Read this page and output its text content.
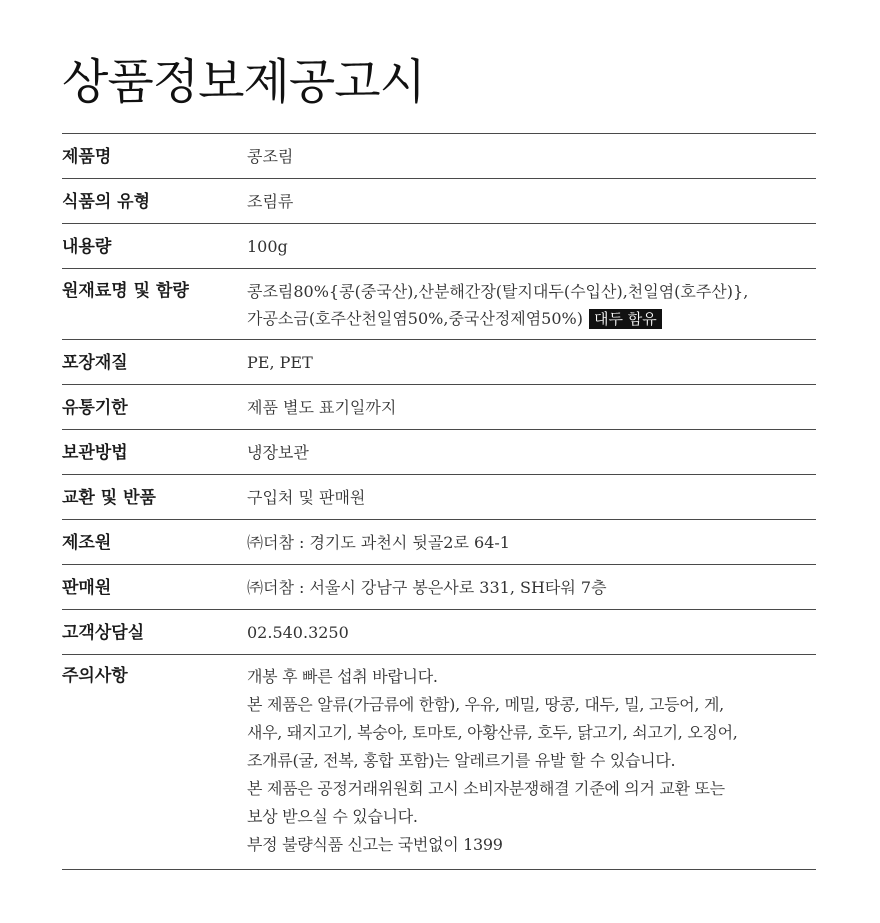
상품정보제공고시
제품명	콩조림
식품의 유형	조림류
내용량	100g
원재료명 및 함량	콩조림80%{콩(중국산),산분해간장(탈지대두(수입산),천일염(호주산)},
가공소금(호주산천일염50%,중국산정제염50%) 대두 함유
포장재질	PE, PET
유통기한	제품 별도 표기일까지
보관방법	냉장보관
교환 및 반품	구입처 및 판매원
제조원	㈜더참 : 경기도 과천시 뒷골2로 64-1
판매원	㈜더참 : 서울시 강남구 봉은사로 331, SH타워 7층
고객상담실	02.540.3250
주의사항	개봉 후 빠른 섭취 바랍니다.
본 제품은 알류(가금류에 한함), 우유, 메밀, 땅콩, 대두, 밀, 고등어, 게,
새우, 돼지고기, 복숭아, 토마토, 아황산류, 호두, 닭고기, 쇠고기, 오징어,
조개류(굴, 전복, 홍합 포함)는 알레르기를 유발 할 수 있습니다.
본 제품은 공정거래위원회 고시 소비자분쟁해결 기준에 의거 교환 또는
보상 받으실 수 있습니다.
부정 불량식품 신고는 국번없이 1399
